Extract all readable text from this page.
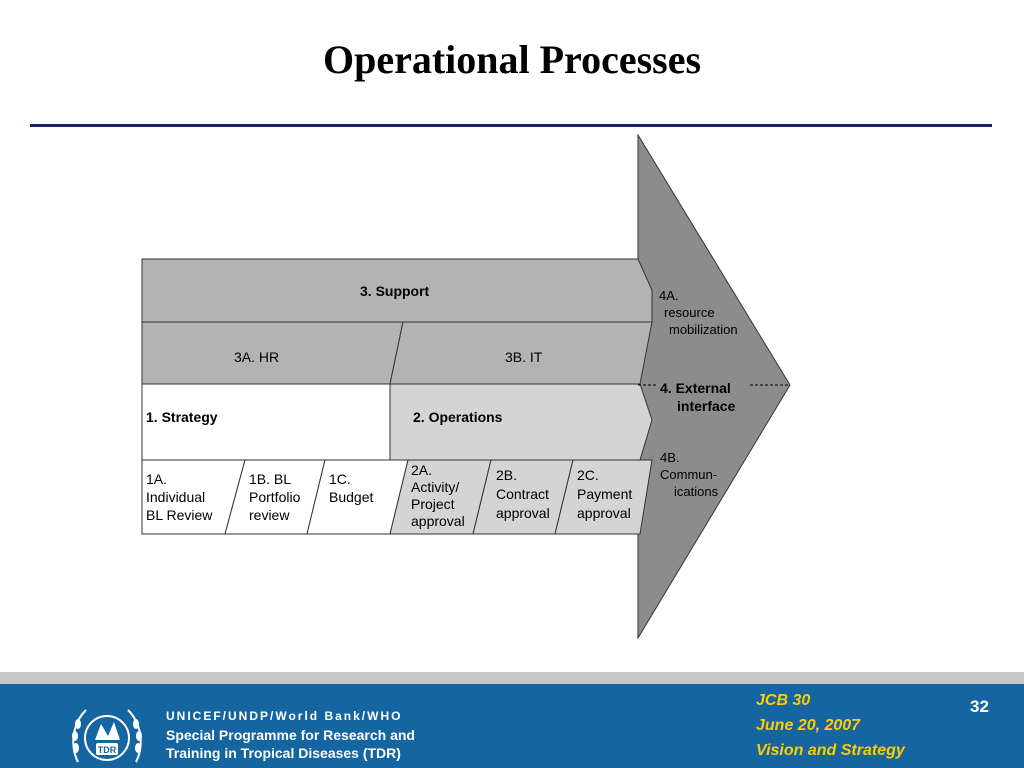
Operational Processes
3. Support
3A. HR	3B. IT
1. Strategy	2. Operations
1A.
Individual
BL Review
1B. BL
Portfolio
review
1C.
Budget
2A.
Activity/
Project
approval
2B.
Contract
approval
2C.
Payment
approval
4A.
resource
mobilization
4. External
interface
4B.
Commun-
ications
TDR
UNICEF/UNDP/World Bank/WHO
Special Programme for Research and
Training in Tropical Diseases (TDR)
JCB 30
June 20, 2007
Vision and Strategy
32
